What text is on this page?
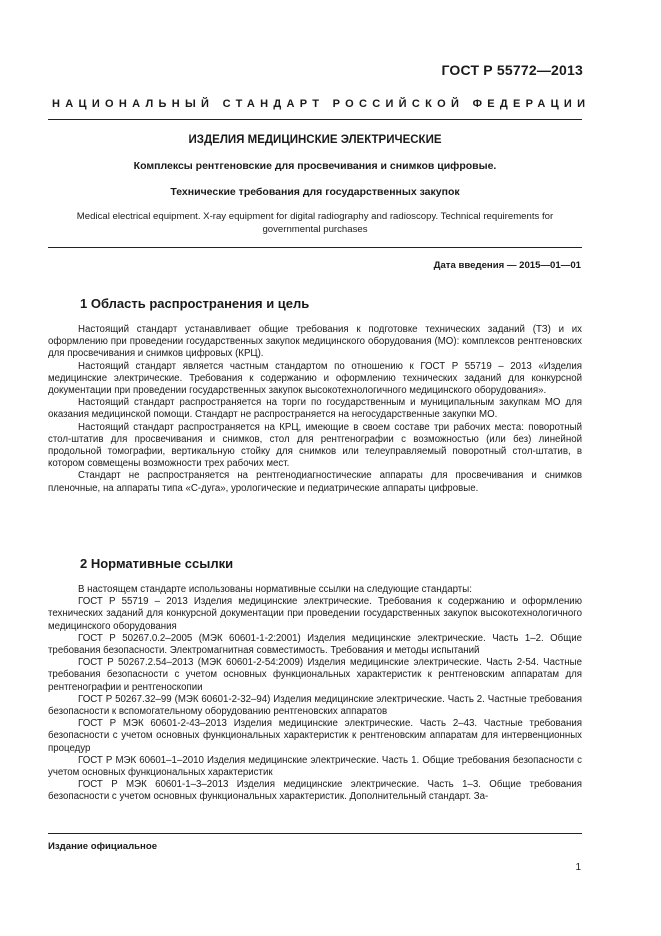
ГОСТ Р 55772—2013
НАЦИОНАЛЬНЫЙ СТАНДАРТ РОССИЙСКОЙ ФЕДЕРАЦИИ
ИЗДЕЛИЯ МЕДИЦИНСКИЕ ЭЛЕКТРИЧЕСКИЕ
Комплексы рентгеновские для просвечивания и снимков цифровые.
Технические требования для государственных закупок
Medical electrical equipment. X-ray equipment for digital radiography and radioscopy. Technical requirements for governmental purchases
Дата введения — 2015—01—01
1 Область распространения и цель

Настоящий стандарт устанавливает общие требования к подготовке технических заданий (ТЗ) и их оформлению при проведении государственных закупок медицинского оборудования (МО): комплексов рентгеновских для просвечивания и снимков цифровых (КРЦ).

Настоящий стандарт является частным стандартом по отношению к ГОСТ Р 55719 – 2013 «Изделия медицинские электрические. Требования к содержанию и оформлению технических заданий для конкурсной документации при проведении государственных закупок высокотехнологичного медицинского оборудования».

Настоящий стандарт распространяется на торги по государственным и муниципальным закупкам МО для оказания медицинской помощи. Стандарт не распространяется на негосударственные закупки МО.

Настоящий стандарт распространяется на КРЦ, имеющие в своем составе три рабочих места: поворотный стол-штатив для просвечивания и снимков, стол для рентгенографии с возможностью (или без) линейной продольной томографии, вертикальную стойку для снимков или телеуправляемый поворотный стол-штатив, в котором совмещены возможности трех рабочих мест.

Стандарт не распространяется на рентгенодиагностические аппараты для просвечивания и снимков пленочные, на аппараты типа «С-дуга», урологические и педиатрические аппараты цифровые.

2 Нормативные ссылки

В настоящем стандарте использованы нормативные ссылки на следующие стандарты:

ГОСТ Р 55719 – 2013 Изделия медицинские электрические. Требования к содержанию и оформлению технических заданий для конкурсной документации при проведении государственных закупок высокотехнологичного медицинского оборудования

ГОСТ Р 50267.0.2–2005 (МЭК 60601-1-2:2001) Изделия медицинские электрические. Часть 1–2. Общие требования безопасности. Электромагнитная совместимость. Требования и методы испытаний

ГОСТ Р 50267.2.54–2013 (МЭК 60601-2-54:2009) Изделия медицинские электрические. Часть 2-54. Частные требования безопасности с учетом основных функциональных характеристик к рентгеновским аппаратам для рентгенографии и рентгеноскопии

ГОСТ Р 50267.32–99 (МЭК 60601-2-32–94) Изделия медицинские электрические. Часть 2. Частные требования безопасности к вспомогательному оборудованию рентгеновских аппаратов

ГОСТ Р МЭК 60601-2-43–2013 Изделия медицинские электрические. Часть 2–43. Частные требования безопасности с учетом основных функциональных характеристик к рентгеновским аппаратам для интервенционных процедур

ГОСТ Р МЭК 60601–1–2010 Изделия медицинские электрические. Часть 1. Общие требования безопасности с учетом основных функциональных характеристик

ГОСТ Р МЭК 60601-1–3–2013 Изделия медицинские электрические. Часть 1–3. Общие требования безопасности с учетом основных функциональных характеристик. Дополнительный стандарт. За-

Издание официальное
1
